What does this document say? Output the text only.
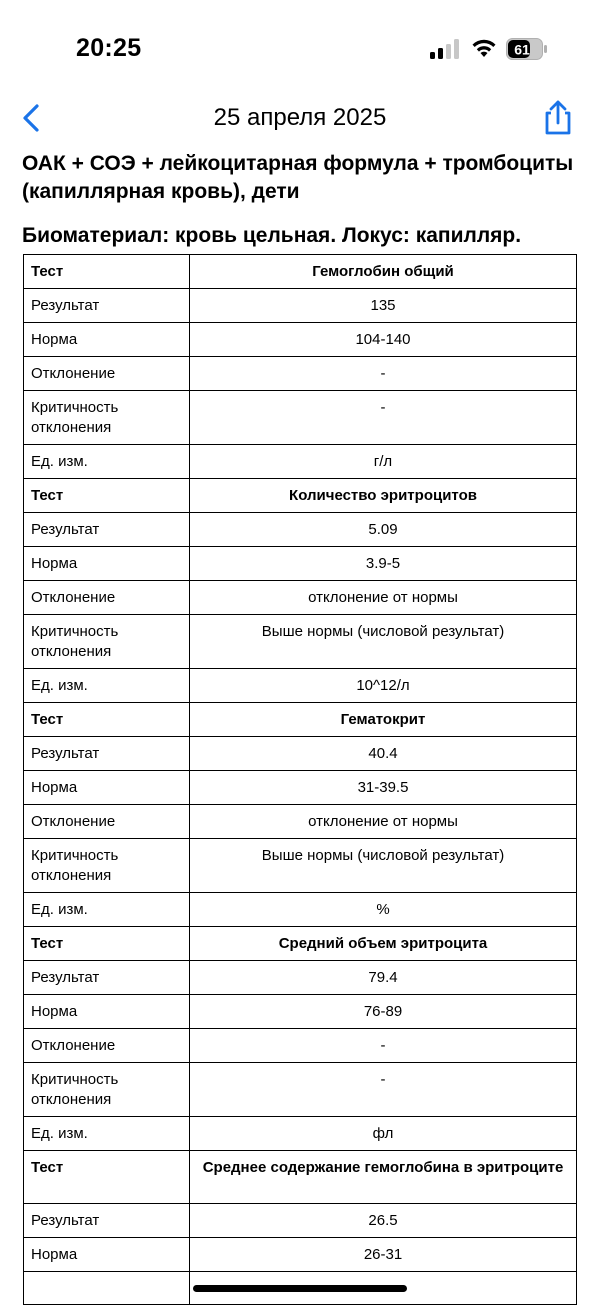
20:25	61
25 апреля 2025
ОАК + СОЭ + лейкоцитарная формула + тромбоциты (капиллярная кровь), дети
Биоматериал: кровь цельная. Локус: капилляр.
Тест	Гемоглобин общий
Результат	135
Норма	104-140
Отклонение	-
Критичность отклонения	-
Ед. изм.	г/л
Тест	Количество эритроцитов
Результат	5.09
Норма	3.9-5
Отклонение	отклонение от нормы
Критичность отклонения	Выше нормы (числовой результат)
Ед. изм.	10^12/л
Тест	Гематокрит
Результат	40.4
Норма	31-39.5
Отклонение	отклонение от нормы
Критичность отклонения	Выше нормы (числовой результат)
Ед. изм.	%
Тест	Средний объем эритроцита
Результат	79.4
Норма	76-89
Отклонение	-
Критичность отклонения	-
Ед. изм.	фл
Тест	Среднее содержание гемоглобина в эритроците
Результат	26.5
Норма	26-31
